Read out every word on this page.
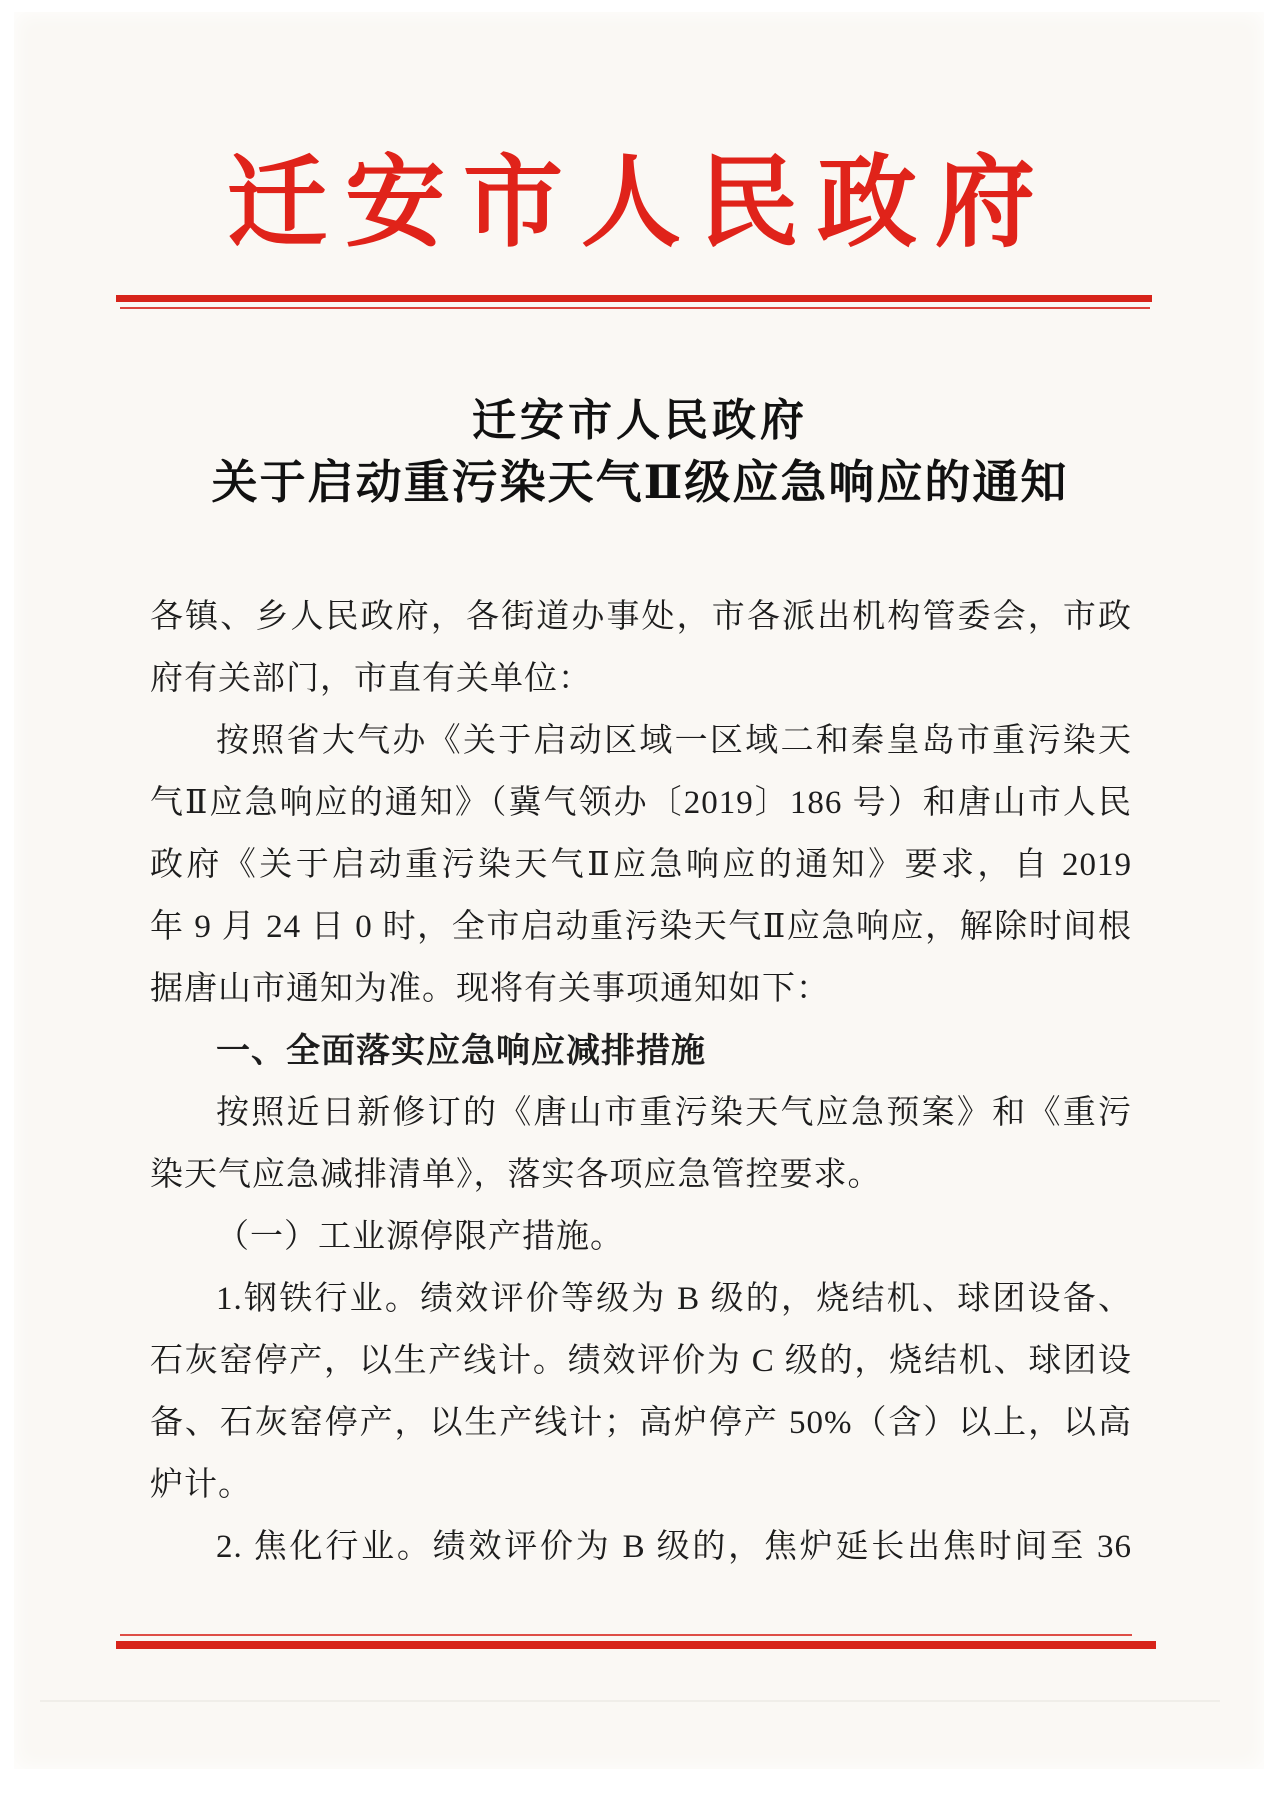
迁安市人民政府
迁安市人民政府
关于启动重污染天气Ⅱ级应急响应的通知
各镇、乡人民政府，各街道办事处，市各派出机构管委会，市政
府有关部门，市直有关单位：
按照省大气办《关于启动区域一区域二和秦皇岛市重污染天
气Ⅱ应急响应的通知》（冀气领办〔2019〕186 号）和唐山市人民
政府《关于启动重污染天气Ⅱ应急响应的通知》要求，自 2019
年 9 月 24 日 0 时，全市启动重污染天气Ⅱ应急响应，解除时间根
据唐山市通知为准。现将有关事项通知如下：
一、全面落实应急响应减排措施
按照近日新修订的《唐山市重污染天气应急预案》和《重污
染天气应急减排清单》，落实各项应急管控要求。
（一）工业源停限产措施。
1.钢铁行业。绩效评价等级为 B 级的，烧结机、球团设备、
石灰窑停产，以生产线计。绩效评价为 C 级的，烧结机、球团设
备、石灰窑停产，以生产线计；高炉停产 50%（含）以上，以高
炉计。
2. 焦化行业。绩效评价为 B 级的，焦炉延长出焦时间至 36
